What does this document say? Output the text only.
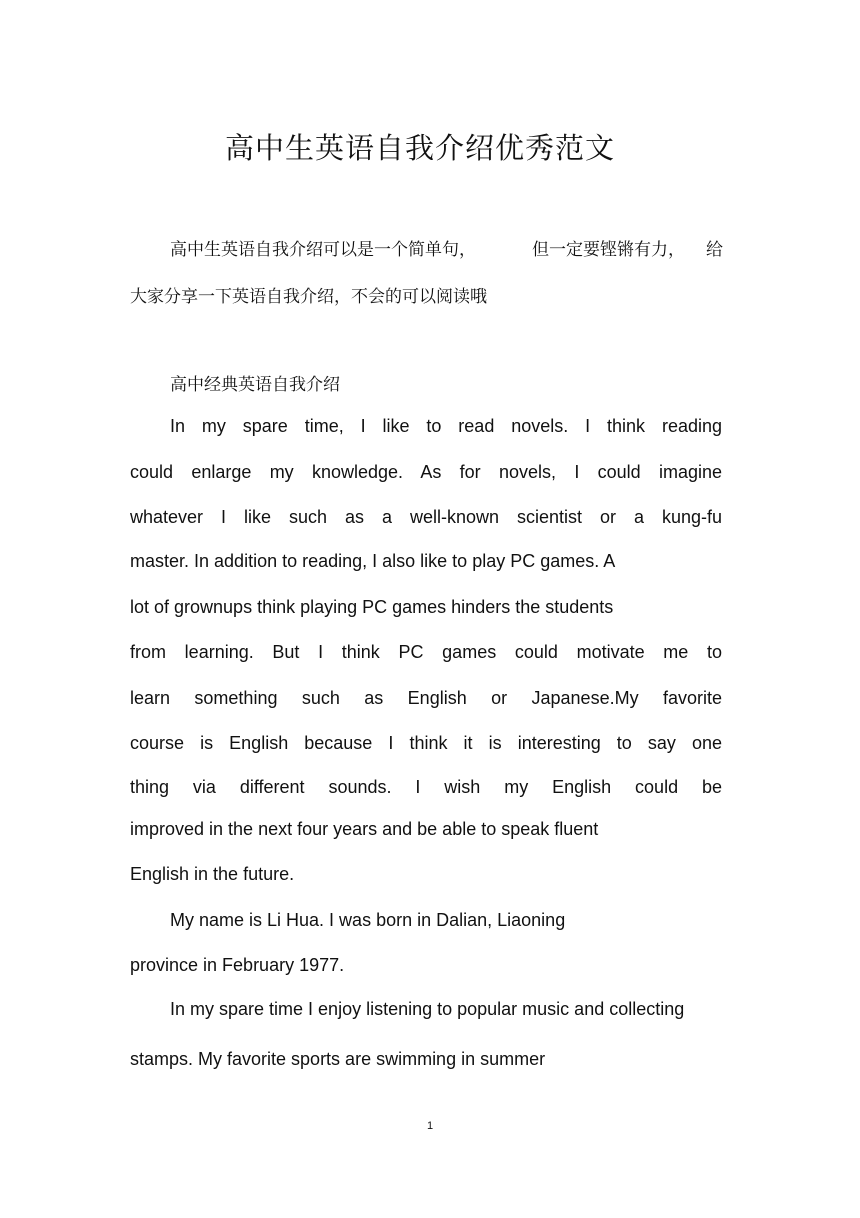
高中生英语自我介绍优秀范文
高中生英语自我介绍可以是一个简单句，	但一定要铿锵有力， 给
大家分享一下英语自我介绍，不会的可以阅读哦
高中经典英语自我介绍
In my spare time, I like to read novels. I think reading
could enlarge my knowledge. As for novels, I could imagine
whatever I like such as a well-known scientist or a kung-fu
master. In addition to reading, I also like to play PC games. A
lot of grownups think playing PC games hinders the students
from learning. But I think PC games could motivate me to
learn something such as English or Japanese.My favorite
course is English because I think it is interesting to say one
thing via different sounds. I wish my English could be
improved in the next four years and be able to speak fluent
English in the future.
My name is Li Hua. I was born in Dalian, Liaoning
province in February 1977.
In my spare time I enjoy listening to popular music and collecting
stamps. My favorite sports are swimming in summer
1
